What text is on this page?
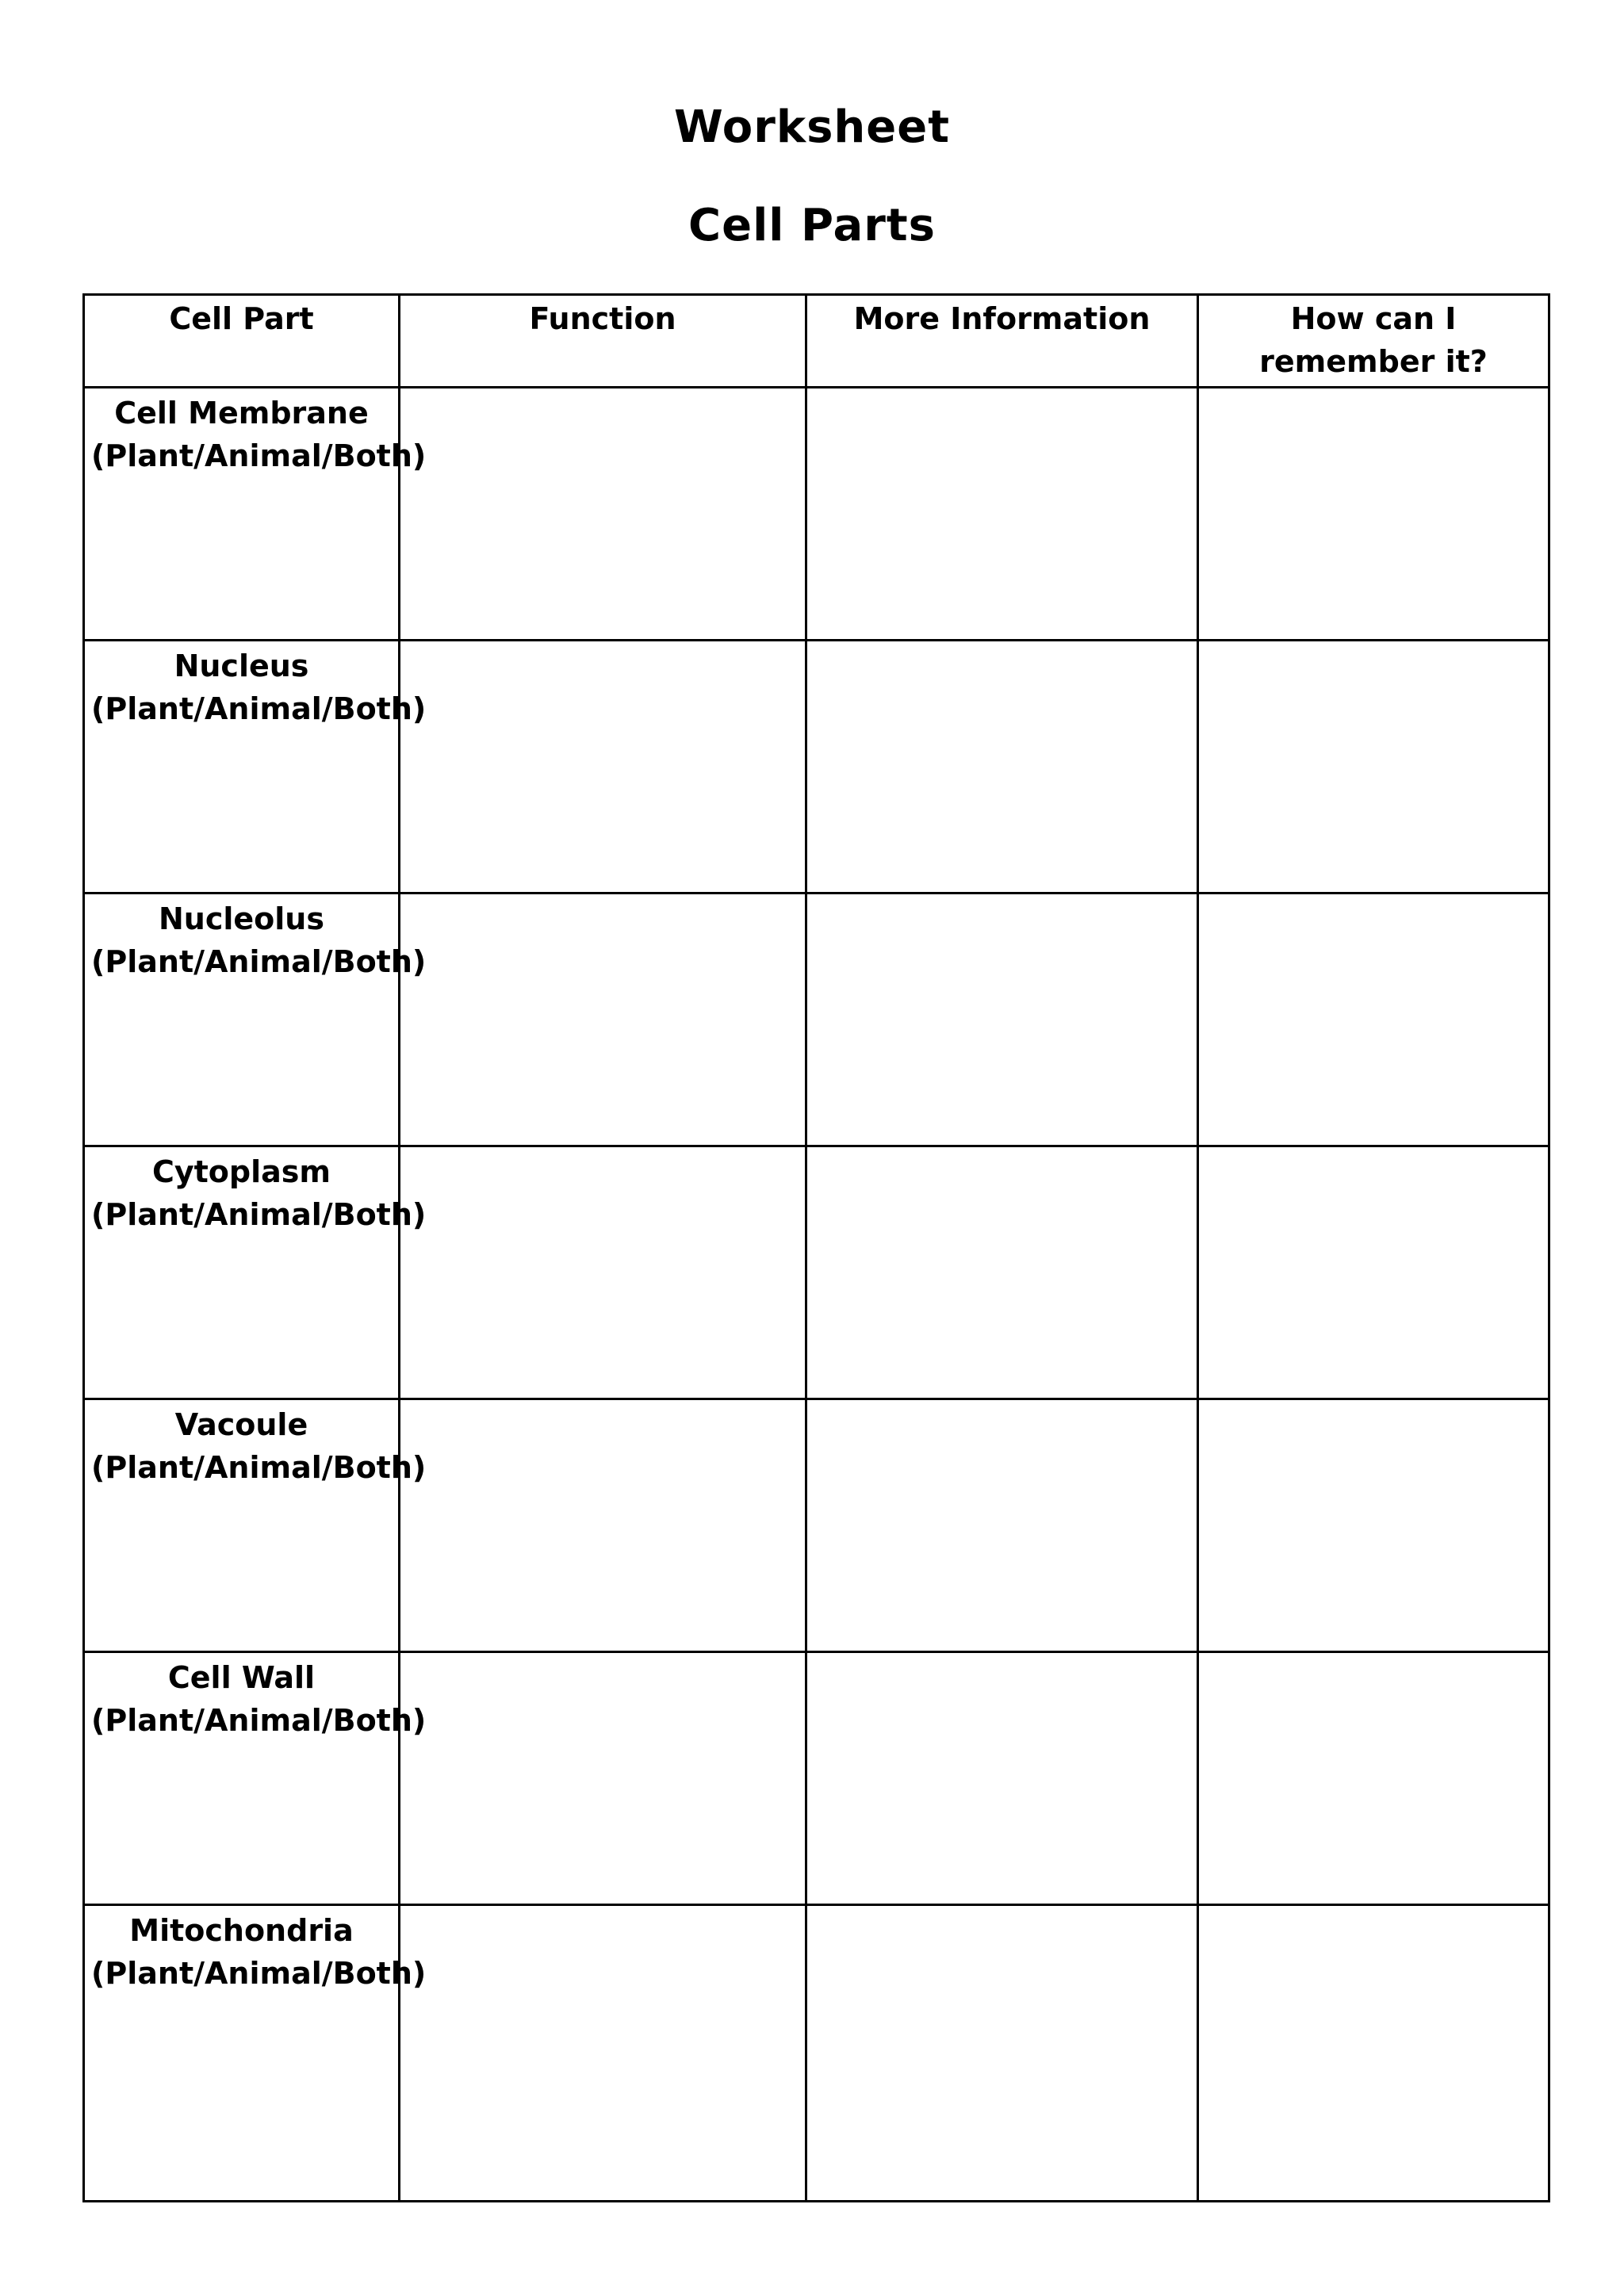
Worksheet
Cell Parts
Cell Part	Function	More Information	How can I remember it?

Cell Membrane
(Plant/Animal/Both)			

Nucleus
(Plant/Animal/Both)			

Nucleolus
(Plant/Animal/Both)			

Cytoplasm
(Plant/Animal/Both)			

Vacoule
(Plant/Animal/Both)			

Cell Wall
(Plant/Animal/Both)			

Mitochondria
(Plant/Animal/Both)			
